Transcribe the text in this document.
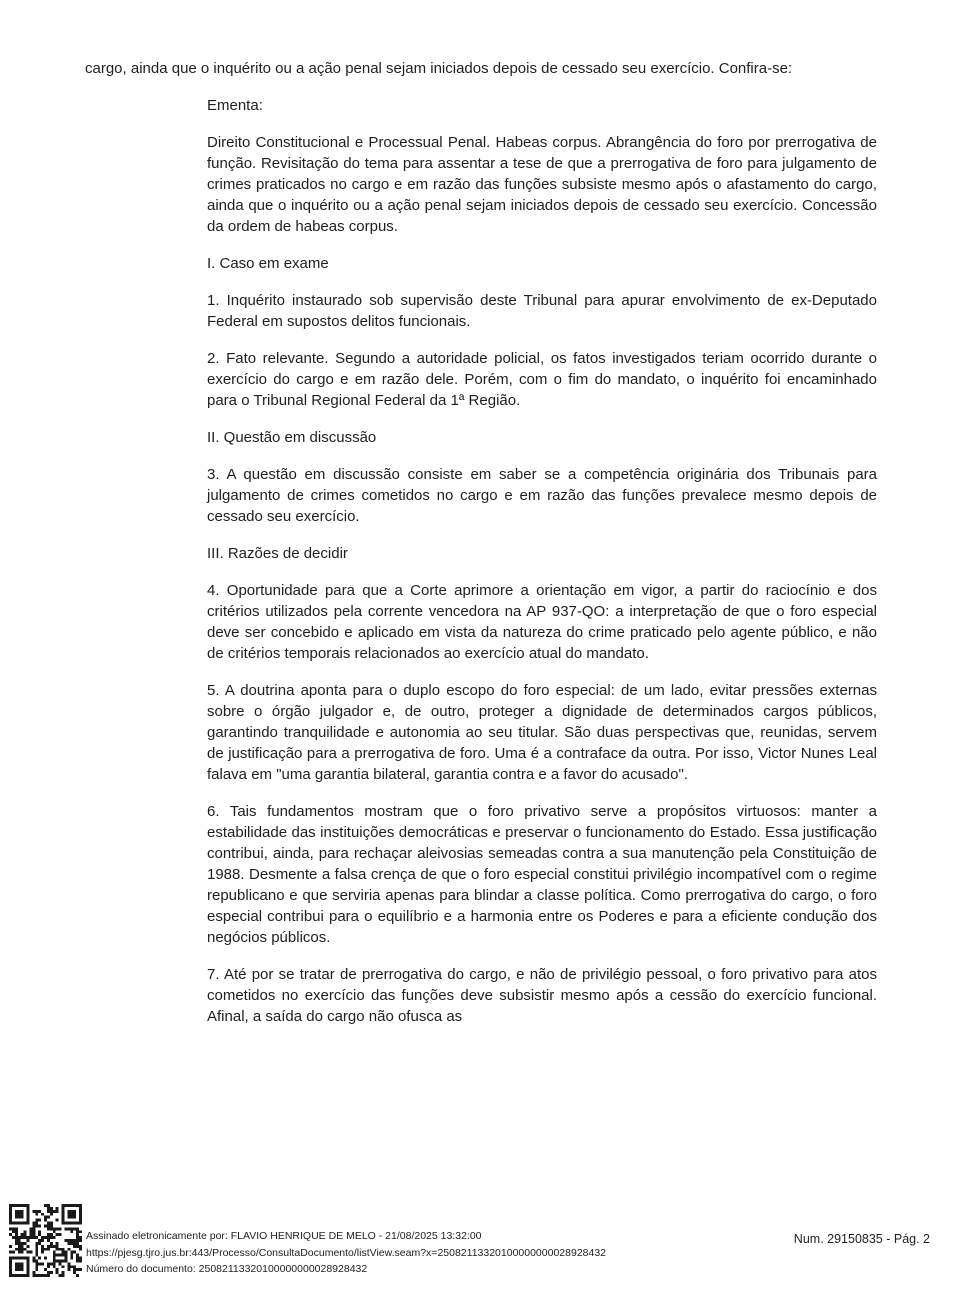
cargo, ainda que o inquérito ou a ação penal sejam iniciados depois de cessado seu exercício. Confira-se:

Ementa:

Direito Constitucional e Processual Penal. Habeas corpus. Abrangência do foro por prerrogativa de função. Revisitação do tema para assentar a tese de que a prerrogativa de foro para julgamento de crimes praticados no cargo e em razão das funções subsiste mesmo após o afastamento do cargo, ainda que o inquérito ou a ação penal sejam iniciados depois de cessado seu exercício. Concessão da ordem de habeas corpus.

I. Caso em exame

1. Inquérito instaurado sob supervisão deste Tribunal para apurar envolvimento de ex-Deputado Federal em supostos delitos funcionais.

2. Fato relevante. Segundo a autoridade policial, os fatos investigados teriam ocorrido durante o exercício do cargo e em razão dele. Porém, com o fim do mandato, o inquérito foi encaminhado para o Tribunal Regional Federal da 1ª Região.

II. Questão em discussão

3. A questão em discussão consiste em saber se a competência originária dos Tribunais para julgamento de crimes cometidos no cargo e em razão das funções prevalece mesmo depois de cessado seu exercício.

III. Razões de decidir

4. Oportunidade para que a Corte aprimore a orientação em vigor, a partir do raciocínio e dos critérios utilizados pela corrente vencedora na AP 937-QO: a interpretação de que o foro especial deve ser concebido e aplicado em vista da natureza do crime praticado pelo agente público, e não de critérios temporais relacionados ao exercício atual do mandato.

5. A doutrina aponta para o duplo escopo do foro especial: de um lado, evitar pressões externas sobre o órgão julgador e, de outro, proteger a dignidade de determinados cargos públicos, garantindo tranquilidade e autonomia ao seu titular. São duas perspectivas que, reunidas, servem de justificação para a prerrogativa de foro. Uma é a contraface da outra. Por isso, Victor Nunes Leal falava em "uma garantia bilateral, garantia contra e a favor do acusado".

6. Tais fundamentos mostram que o foro privativo serve a propósitos virtuosos: manter a estabilidade das instituições democráticas e preservar o funcionamento do Estado. Essa justificação contribui, ainda, para rechaçar aleivosias semeadas contra a sua manutenção pela Constituição de 1988. Desmente a falsa crença de que o foro especial constitui privilégio incompatível com o regime republicano e que serviria apenas para blindar a classe política. Como prerrogativa do cargo, o foro especial contribui para o equilíbrio e a harmonia entre os Poderes e para a eficiente condução dos negócios públicos.

7. Até por se tratar de prerrogativa do cargo, e não de privilégio pessoal, o foro privativo para atos cometidos no exercício das funções deve subsistir mesmo após a cessão do exercício funcional. Afinal, a saída do cargo não ofusca as

Assinado eletronicamente por: FLAVIO HENRIQUE DE MELO - 21/08/2025 13:32:00
https://pjesg.tjro.jus.br:443/Processo/ConsultaDocumento/listView.seam?x=25082113320100000000028928432
Número do documento: 25082113320100000000028928432
Num. 29150835 - Pág. 2
